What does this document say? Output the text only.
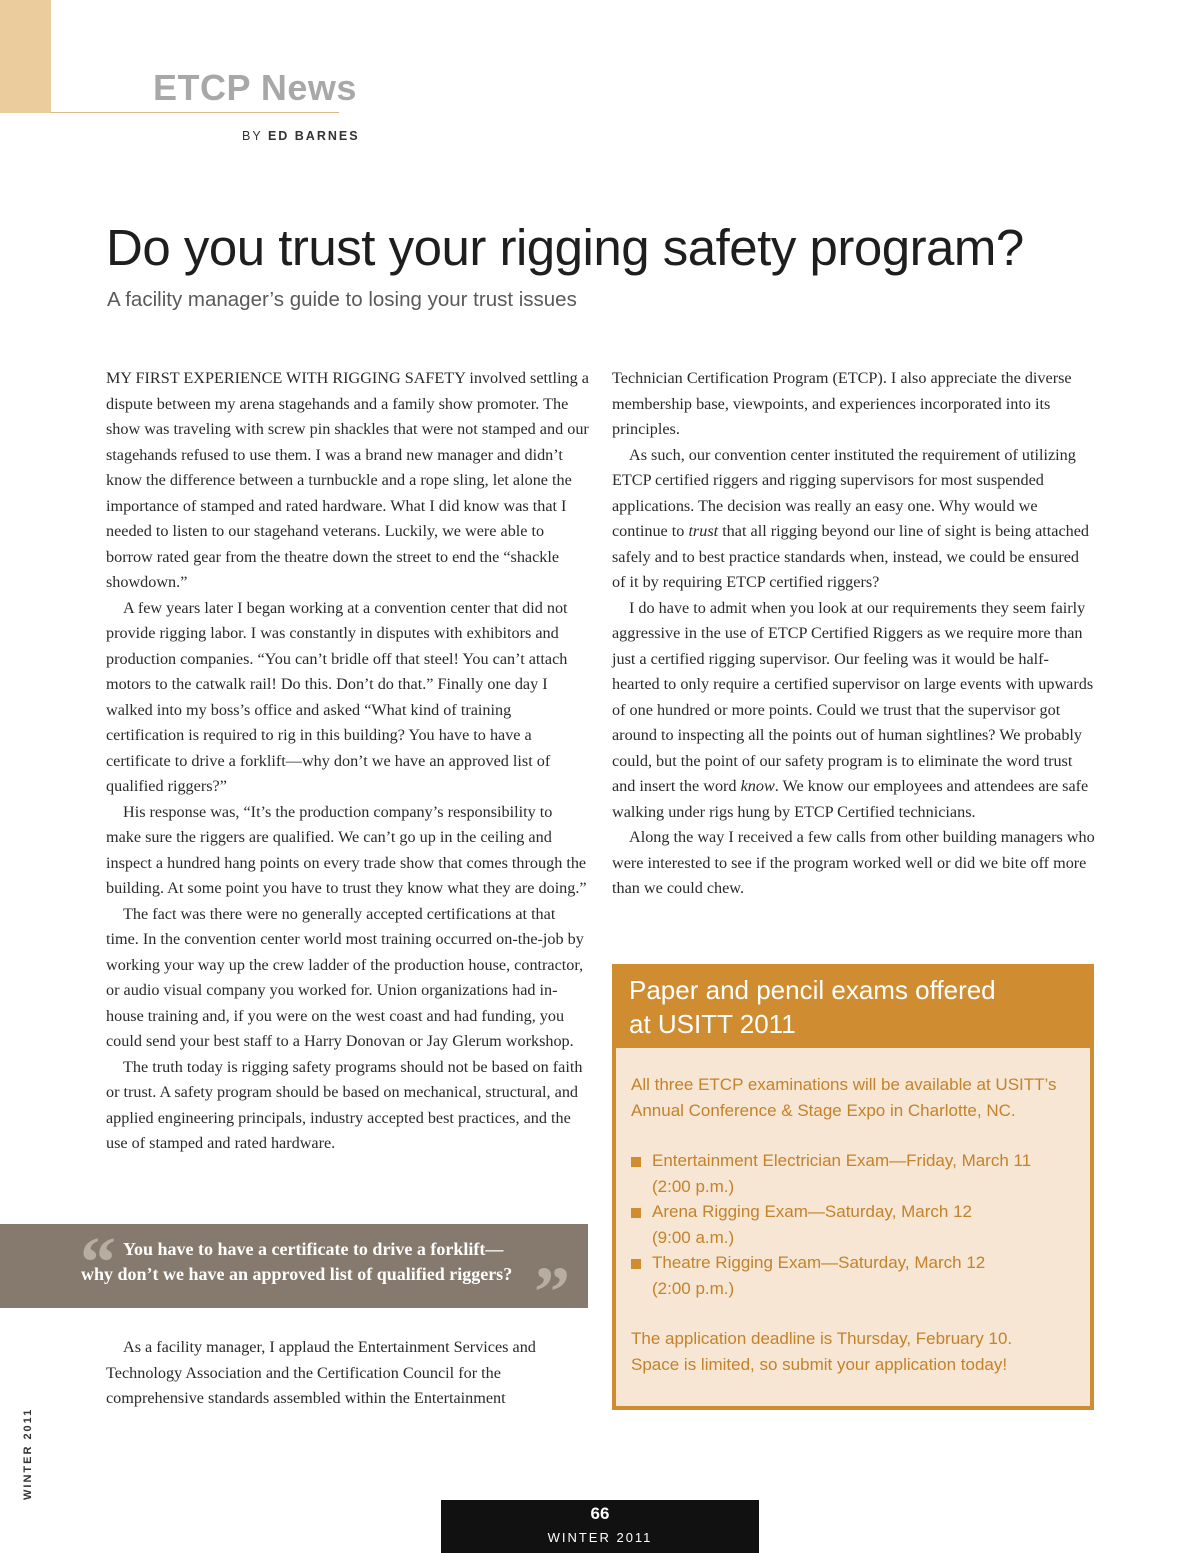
ETCP News

BY ED BARNES

Do you trust your rigging safety program?

A facility manager’s guide to losing your trust issues

MY FIRST EXPERIENCE WITH RIGGING SAFETY involved settling a dispute between my arena stagehands and a family show promoter. The show was traveling with screw pin shackles that were not stamped and our stagehands refused to use them. I was a brand new manager and didn’t know the difference between a turnbuckle and a rope sling, let alone the importance of stamped and rated hardware. What I did know was that I needed to listen to our stagehand veterans. Luckily, we were able to borrow rated gear from the theatre down the street to end the “shackle showdown.”

A few years later I began working at a convention center that did not provide rigging labor. I was constantly in disputes with exhibitors and production companies. “You can’t bridle off that steel! You can’t attach motors to the catwalk rail! Do this. Don’t do that.” Finally one day I walked into my boss’s office and asked “What kind of training certification is required to rig in this building? You have to have a certificate to drive a forklift—why don’t we have an approved list of qualified riggers?”

His response was, “It’s the production company’s responsibility to make sure the riggers are qualified. We can’t go up in the ceiling and inspect a hundred hang points on every trade show that comes through the building. At some point you have to trust they know what they are doing.”

The fact was there were no generally accepted certifications at that time. In the convention center world most training occurred on-the-job by working your way up the crew ladder of the production house, contractor, or audio visual company you worked for. Union organizations had in-house training and, if you were on the west coast and had funding, you could send your best staff to a Harry Donovan or Jay Glerum workshop.

The truth today is rigging safety programs should not be based on faith or trust. A safety program should be based on mechanical, structural, and applied engineering principals, industry accepted best practices, and the use of stamped and rated hardware.

“ You have to have a certificate to drive a forklift—
why don’t we have an approved list of qualified riggers? ”

As a facility manager, I applaud the Entertainment Services and Technology Association and the Certification Council for the comprehensive standards assembled within the Entertainment

Technician Certification Program (ETCP). I also appreciate the diverse membership base, viewpoints, and experiences incorporated into its principles.

As such, our convention center instituted the requirement of utilizing ETCP certified riggers and rigging supervisors for most suspended applications. The decision was really an easy one. Why would we continue to trust that all rigging beyond our line of sight is being attached safely and to best practice standards when, instead, we could be ensured of it by requiring ETCP certified riggers?

I do have to admit when you look at our requirements they seem fairly aggressive in the use of ETCP Certified Riggers as we require more than just a certified rigging supervisor. Our feeling was it would be half-hearted to only require a certified supervisor on large events with upwards of one hundred or more points. Could we trust that the supervisor got around to inspecting all the points out of human sightlines? We probably could, but the point of our safety program is to eliminate the word trust and insert the word know. We know our employees and attendees are safe walking under rigs hung by ETCP Certified technicians.

Along the way I received a few calls from other building managers who were interested to see if the program worked well or did we bite off more than we could chew.

Paper and pencil exams offered
at USITT 2011

All three ETCP examinations will be available at USITT’s Annual Conference & Stage Expo in Charlotte, NC.

Entertainment Electrician Exam—Friday, March 11
(2:00 p.m.)
Arena Rigging Exam—Saturday, March 12
(9:00 a.m.)
Theatre Rigging Exam—Saturday, March 12
(2:00 p.m.)

The application deadline is Thursday, February 10.
Space is limited, so submit your application today!

WINTER 2011
66
WINTER 2011
